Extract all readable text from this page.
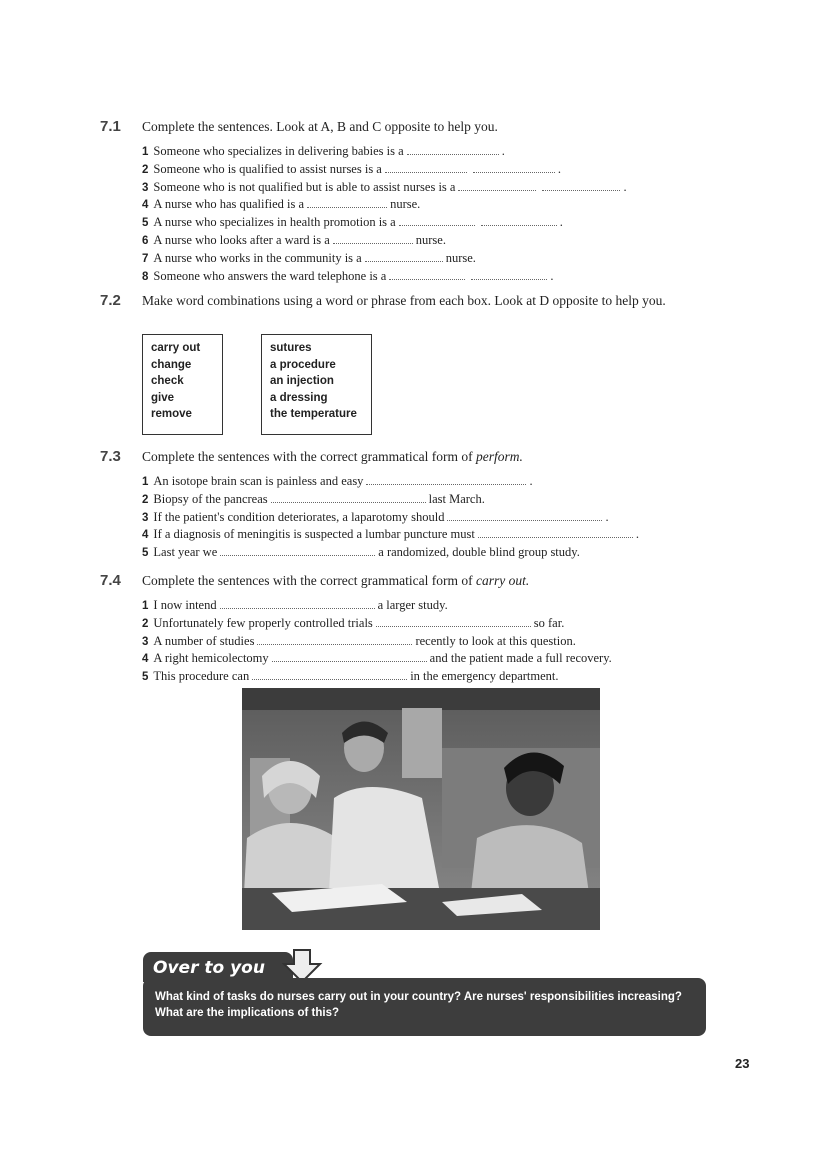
7.1	Complete the sentences. Look at A, B and C opposite to help you.
1 Someone who specializes in delivering babies is a	.
2 Someone who is qualified to assist nurses is a	.
3 Someone who is not qualified but is able to assist nurses is a	.
4 A nurse who has qualified is a	nurse.
5 A nurse who specializes in health promotion is a	.
6 A nurse who looks after a ward is a	nurse.
7 A nurse who works in the community is a	nurse.
8 Someone who answers the ward telephone is a	.
7.2	Make word combinations using a word or phrase from each box. Look at D opposite to help you.
carry out
change
check
give
remove
sutures
a procedure
an injection
a dressing
the temperature
7.3	Complete the sentences with the correct grammatical form of perform.
1 An isotope brain scan is painless and easy	.
2 Biopsy of the pancreas	last March.
3 If the patient's condition deteriorates, a laparotomy should	.
4 If a diagnosis of meningitis is suspected a lumbar puncture must	.
5 Last year we	a randomized, double blind group study.
7.4	Complete the sentences with the correct grammatical form of carry out.
1 I now intend	a larger study.
2 Unfortunately few properly controlled trials	so far.
3 A number of studies	recently to look at this question.
4 A right hemicolectomy	and the patient made a full recovery.
5 This procedure can	in the emergency department.
Over to you
What kind of tasks do nurses carry out in your country? Are nurses' responsibilities increasing? What are the implications of this?
23
